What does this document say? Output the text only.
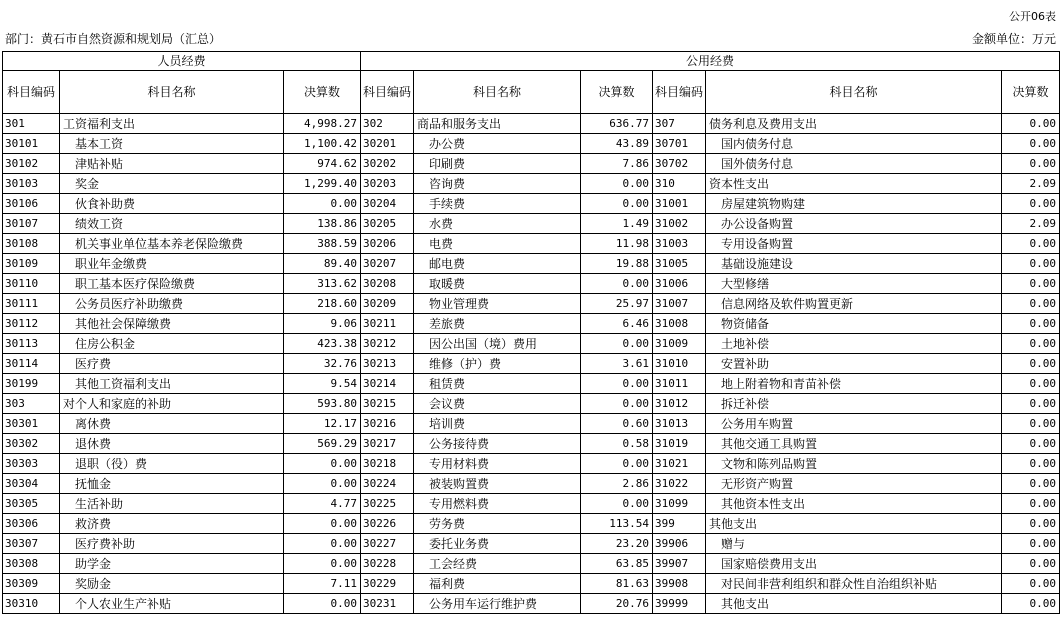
公开06表
部门：黄石市自然资源和规划局（汇总）	金额单位：万元
人员经费			公用经费					
科目编码	科目名称	决算数	科目编码	科目名称	决算数	科目编码	科目名称	决算数
301	工资福利支出	4,998.27	302	商品和服务支出	636.77	307	债务利息及费用支出	0.00
30101	基本工资	1,100.42	30201	办公费	43.89	30701	国内债务付息	0.00
30102	津贴补贴	974.62	30202	印刷费	7.86	30702	国外债务付息	0.00
30103	奖金	1,299.40	30203	咨询费	0.00	310	资本性支出	2.09
30106	伙食补助费	0.00	30204	手续费	0.00	31001	房屋建筑物购建	0.00
30107	绩效工资	138.86	30205	水费	1.49	31002	办公设备购置	2.09
30108	机关事业单位基本养老保险缴费	388.59	30206	电费	11.98	31003	专用设备购置	0.00
30109	职业年金缴费	89.40	30207	邮电费	19.88	31005	基础设施建设	0.00
30110	职工基本医疗保险缴费	313.62	30208	取暖费	0.00	31006	大型修缮	0.00
30111	公务员医疗补助缴费	218.60	30209	物业管理费	25.97	31007	信息网络及软件购置更新	0.00
30112	其他社会保障缴费	9.06	30211	差旅费	6.46	31008	物资储备	0.00
30113	住房公积金	423.38	30212	因公出国（境）费用	0.00	31009	土地补偿	0.00
30114	医疗费	32.76	30213	维修（护）费	3.61	31010	安置补助	0.00
30199	其他工资福利支出	9.54	30214	租赁费	0.00	31011	地上附着物和青苗补偿	0.00
303	对个人和家庭的补助	593.80	30215	会议费	0.00	31012	拆迁补偿	0.00
30301	离休费	12.17	30216	培训费	0.60	31013	公务用车购置	0.00
30302	退休费	569.29	30217	公务接待费	0.58	31019	其他交通工具购置	0.00
30303	退职（役）费	0.00	30218	专用材料费	0.00	31021	文物和陈列品购置	0.00
30304	抚恤金	0.00	30224	被装购置费	2.86	31022	无形资产购置	0.00
30305	生活补助	4.77	30225	专用燃料费	0.00	31099	其他资本性支出	0.00
30306	救济费	0.00	30226	劳务费	113.54	399	其他支出	0.00
30307	医疗费补助	0.00	30227	委托业务费	23.20	39906	赠与	0.00
30308	助学金	0.00	30228	工会经费	63.85	39907	国家赔偿费用支出	0.00
30309	奖励金	7.11	30229	福利费	81.63	39908	对民间非营利组织和群众性自治组织补贴	0.00
30310	个人农业生产补贴	0.00	30231	公务用车运行维护费	20.76	39999	其他支出	0.00
